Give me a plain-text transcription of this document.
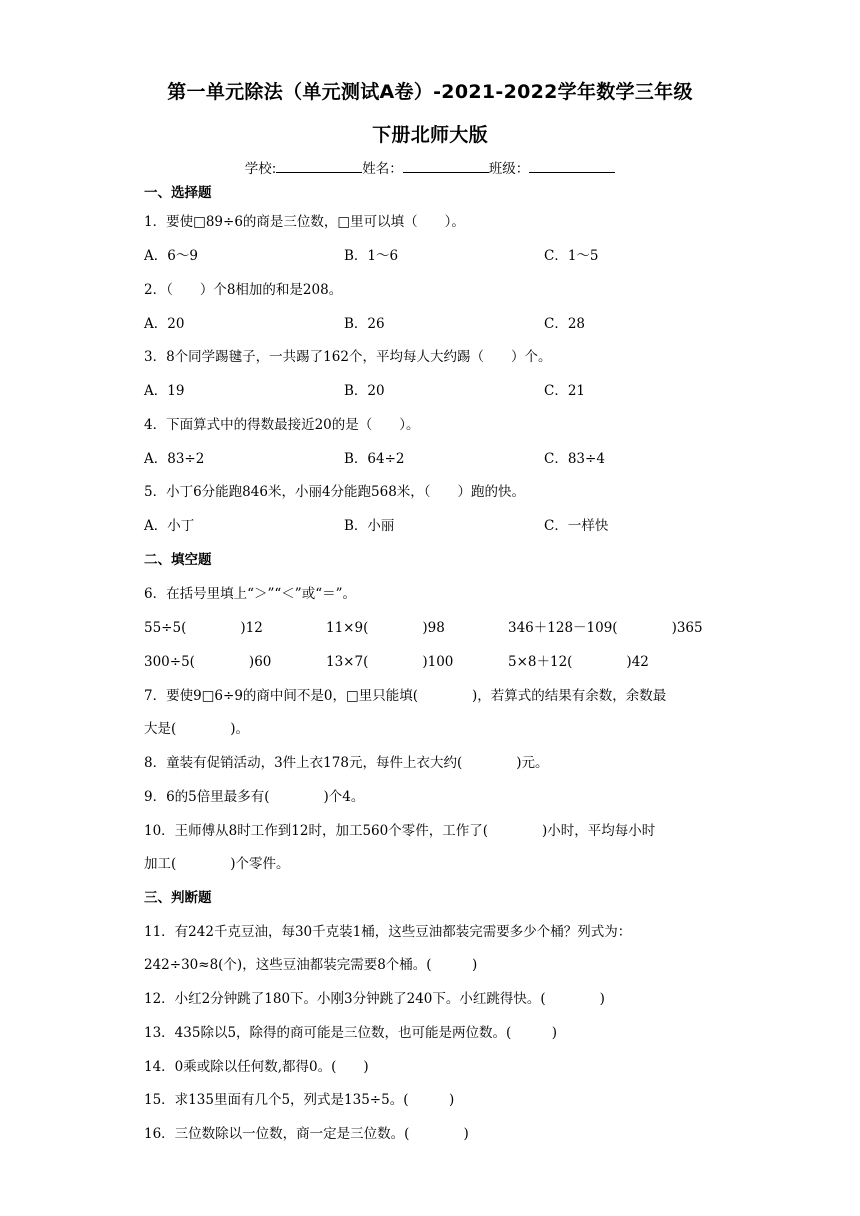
第一单元除法（单元测试A卷）-2021-2022学年数学三年级
下册北师大版
学校:	姓名：	班级：
一、选择题
1．要使□89÷6的商是三位数，□里可以填（　　）。
A．6～9	B．1～6	C．1～5
2．（　　）个8相加的和是208。
A．20	B．26	C．28
3．8个同学踢毽子，一共踢了162个，平均每人大约踢（　　）个。
A．19	B．20	C．21
4．下面算式中的得数最接近20的是（　　）。
A．83÷2	B．64÷2	C．83÷4
5．小丁6分能跑846米，小丽4分能跑568米，（　　）跑的快。
A．小丁	B．小丽	C．一样快
二、填空题
6．在括号里填上“＞”“＜”或“＝”。
55÷5(　　　　)12	11×9(　　　　)98	346＋128－109(　　　　)365
300÷5(　　　　)60	13×7(　　　　)100	5×8＋12(　　　　)42
7．要使9□6÷9的商中间不是0，□里只能填(　　　　)，若算式的结果有余数，余数最
大是(　　　　)。
8．童装有促销活动，3件上衣178元，每件上衣大约(　　　　)元。
9．6的5倍里最多有(　　　　)个4。
10．王师傅从8时工作到12时，加工560个零件，工作了(　　　　)小时，平均每小时
加工(　　　　)个零件。
三、判断题
11．有242千克豆油，每30千克装1桶，这些豆油都装完需要多少个桶？列式为：
242÷30≈8(个)，这些豆油都装完需要8个桶。(　　　)
12．小红2分钟跳了180下。小刚3分钟跳了240下。小红跳得快。(　　　　)
13．435除以5，除得的商可能是三位数，也可能是两位数。(　　　)
14．0乘或除以任何数,都得0。(　　)
15．求135里面有几个5，列式是135÷5。(　　　)
16．三位数除以一位数，商一定是三位数。(　　　　)
